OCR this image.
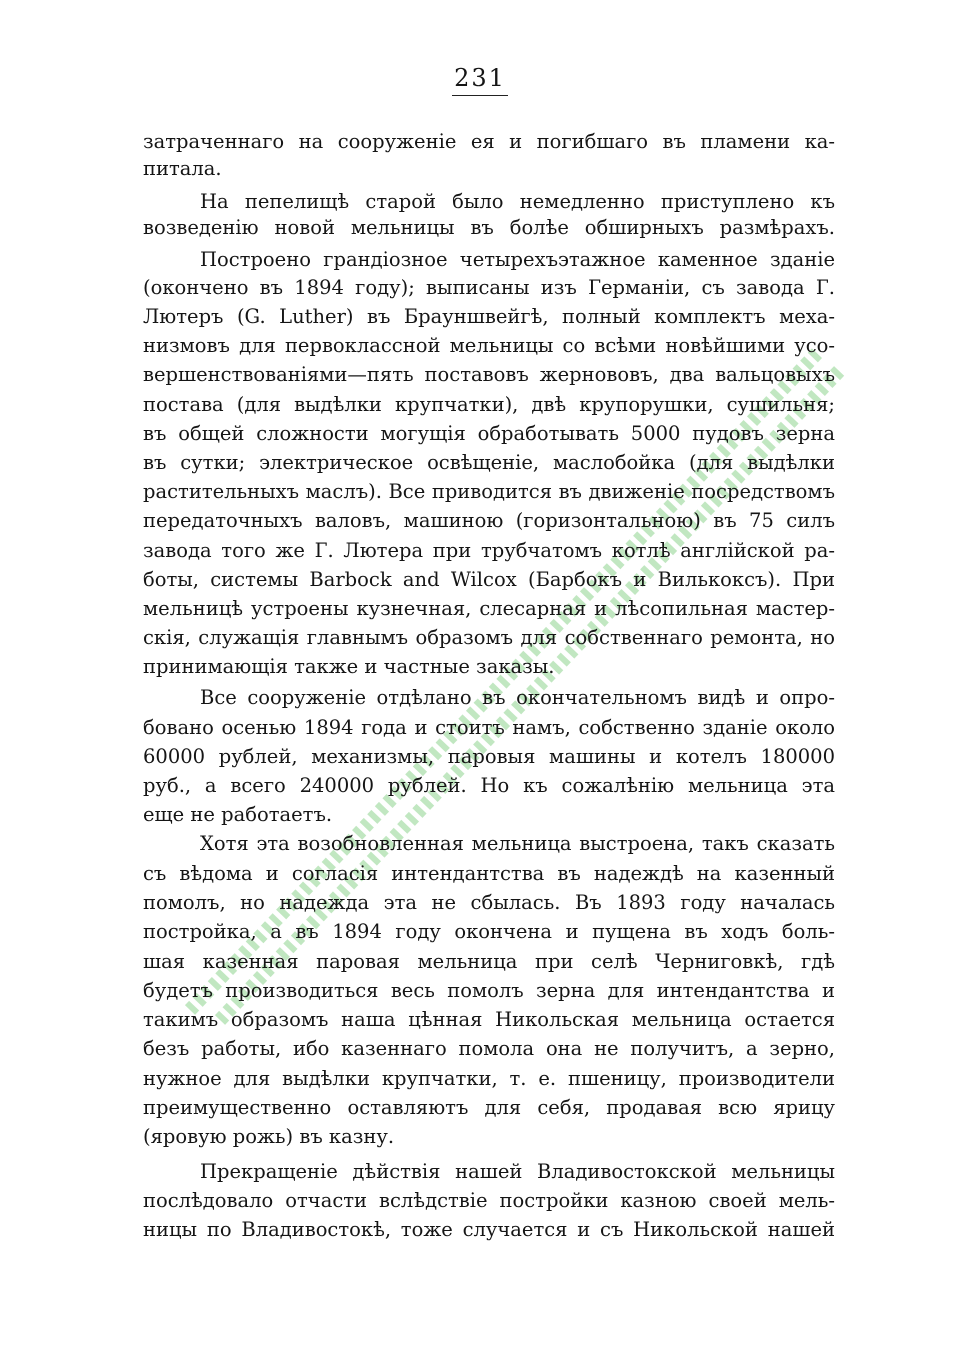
231
затраченнаго на сооруженіе ея и погибшаго въ пламени ка-
питала.
На пепелищѣ старой было немедленно приступлено къ
возведенію новой мельницы въ болѣе обширныхъ размѣрахъ.
Построено грандіозное четырехъэтажное каменное зданіе
(окончено въ 1894 году); выписаны изъ Германіи, съ завода Г.
Лютеръ (G. Luther) въ Брауншвейгѣ, полный комплектъ меха-
низмовъ для первоклассной мельницы со всѣми новѣйшими усо-
вершенствованіями—пять поставовъ жернововъ, два вальцовыхъ
постава (для выдѣлки крупчатки), двѣ крупорушки, сушильня;
въ общей сложности могущія обработывать 5000 пудовъ зерна
въ сутки; электрическое освѣщеніе, маслобойка (для выдѣлки
растительныхъ маслъ). Все приводится въ движеніе посредствомъ
передаточныхъ валовъ, машиною (горизонтальною) въ 75 силъ
завода того же Г. Лютера при трубчатомъ котлѣ англійской ра-
боты, системы Barbock and Wilcox (Барбокъ и Вилькоксъ). При
мельницѣ устроены кузнечная, слесарная и лѣсопильная мастер-
скія, служащія главнымъ образомъ для собственнаго ремонта, но
принимающія также и частные заказы.
Все сооруженіе отдѣлано въ окончательномъ видѣ и опро-
бовано осенью 1894 года и стоитъ намъ, собственно зданіе около
60000 рублей, механизмы, паровыя машины и котелъ 180000
руб., а всего 240000 рублей. Но къ сожалѣнію мельница эта
еще не работаетъ.
Хотя эта возобновленная мельница выстроена, такъ сказать
съ вѣдома и согласія интендантства въ надеждѣ на казенный
помолъ, но надежда эта не сбылась. Въ 1893 году началась
постройка, а въ 1894 году окончена и пущена въ ходъ боль-
шая казенная паровая мельница при селѣ Черниговкѣ, гдѣ
будетъ производиться весь помолъ зерна для интендантства и
такимъ образомъ наша цѣнная Никольская мельница остается
безъ работы, ибо казеннаго помола она не получитъ, а зерно,
нужное для выдѣлки крупчатки, т. е. пшеницу, производители
преимущественно оставляютъ для себя, продавая всю ярицу
(яровую рожь) въ казну.
Прекращеніе дѣйствія нашей Владивостокской мельницы
послѣдовало отчасти вслѣдствіе постройки казною своей мель-
ницы по Владивостокѣ, тоже случается и съ Никольской нашей
